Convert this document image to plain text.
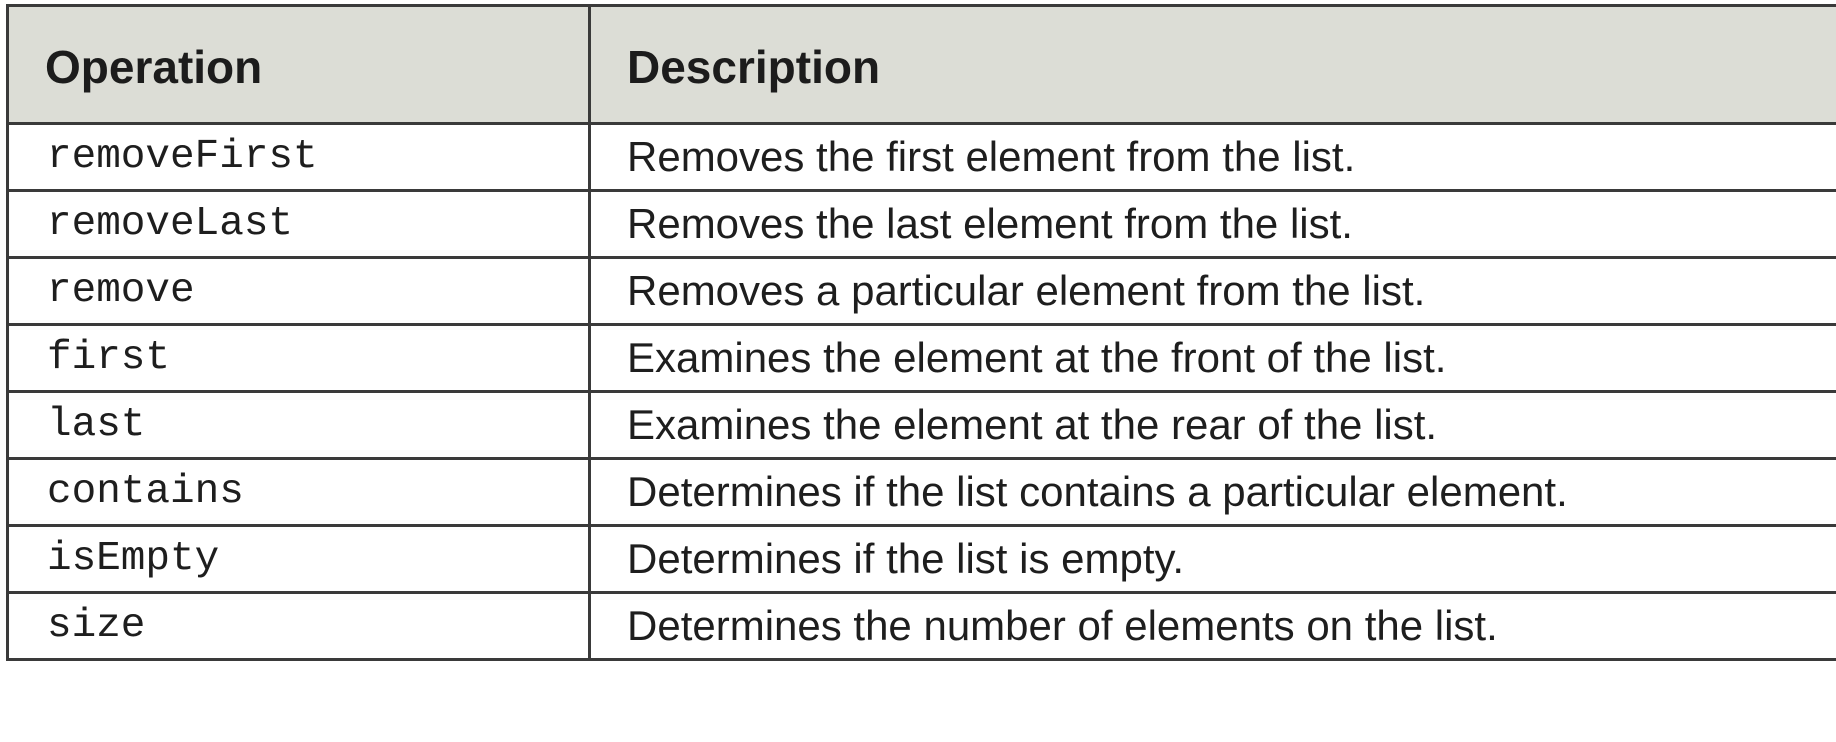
Operation	Description
removeFirst	Removes the first element from the list.
removeLast	Removes the last element from the list.
remove	Removes a particular element from the list.
first	Examines the element at the front of the list.
last	Examines the element at the rear of the list.
contains	Determines if the list contains a particular element.
isEmpty	Determines if the list is empty.
size	Determines the number of elements on the list.
